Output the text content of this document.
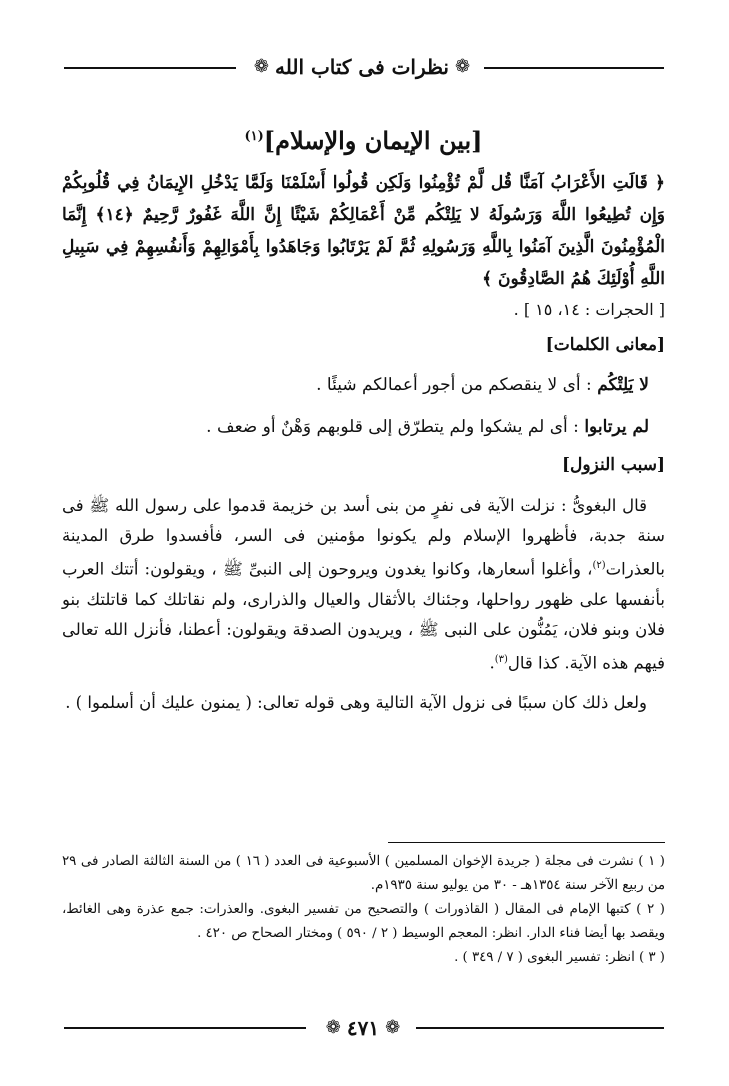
❁
نظرات فى كتاب الله
❁
[بين الإيمان والإسلام]$^{(١)}$

﴿ قَالَتِ الأَعْرَابُ آمَنَّا قُل لَّمْ تُؤْمِنُوا وَلَكِن قُولُوا أَسْلَمْنَا وَلَمَّا يَدْخُلِ الإِيمَانُ فِي قُلُوبِكُمْ وَإِن تُطِيعُوا اللَّهَ وَرَسُولَهُ لا يَلِتْكُم مِّنْ أَعْمَالِكُمْ شَيْئًا إِنَّ اللَّهَ غَفُورٌ رَّحِيمٌ ﴿١٤﴾ إِنَّمَا الْمُؤْمِنُونَ الَّذِينَ آمَنُوا بِاللَّهِ وَرَسُولِهِ ثُمَّ لَمْ يَرْتَابُوا وَجَاهَدُوا بِأَمْوَالِهِمْ وَأَنفُسِهِمْ فِي سَبِيلِ اللَّهِ أُوْلَئِكَ هُمُ الصَّادِقُونَ ﴾

[ الحجرات : ١٤، ١٥ ] .

[معانى الكلمات]

لا يَلِتْكُم : أى لا ينقصكم من أجور أعمالكم شيئًا .

لم يرتابوا : أى لم يشكوا ولم يتطرّق إلى قلوبهم وَهْنٌ أو ضعف .

[سبب النزول]

قال البغوىُّ : نزلت الآية فى نفرٍ من بنى أسد بن خزيمة قدموا على رسول الله ﷺ فى سنة جدبة، فأظهروا الإسلام ولم يكونوا مؤمنين فى السر، فأفسدوا طرق المدينة بالعذرات$^{(٢)}$، وأغلوا أسعارها، وكانوا يغدون ويروحون إلى النبىِّ ﷺ ، ويقولون: أتتك العرب بأنفسها على ظهور رواحلها، وجئناك بالأثقال والعيال والذرارى، ولم نقاتلك كما قاتلتك بنو فلان وبنو فلان، يَمُنُّون على النبى ﷺ ، ويريدون الصدقة ويقولون: أعطنا، فأنزل الله تعالى فيهم هذه الآية. كذا قال$^{(٣)}$.

ولعل ذلك كان سببًا فى نزول الآية التالية وهى قوله تعالى: ( يمنون عليك أن أسلموا ) .

( ١ ) نشرت فى مجلة ( جريدة الإخوان المسلمين ) الأسبوعية فى العدد ( ١٦ ) من السنة الثالثة الصادر فى ٢٩ من ربيع الآخر سنة ١٣٥٤هـ - ٣٠ من يوليو سنة ١٩٣٥م.

( ٢ ) كتبها الإمام فى المقال ( القاذورات ) والتصحيح من تفسير البغوى. والعذرات: جمع عذرة وهى الغائط، ويقصد بها أيضا فناء الدار. انظر: المعجم الوسيط ( ٢ / ٥٩٠ ) ومختار الصحاح ص ٤٢٠ .

( ٣ ) انظر: تفسير البغوى ( ٧ / ٣٤٩ ) .

❁
٤٧١
❁
